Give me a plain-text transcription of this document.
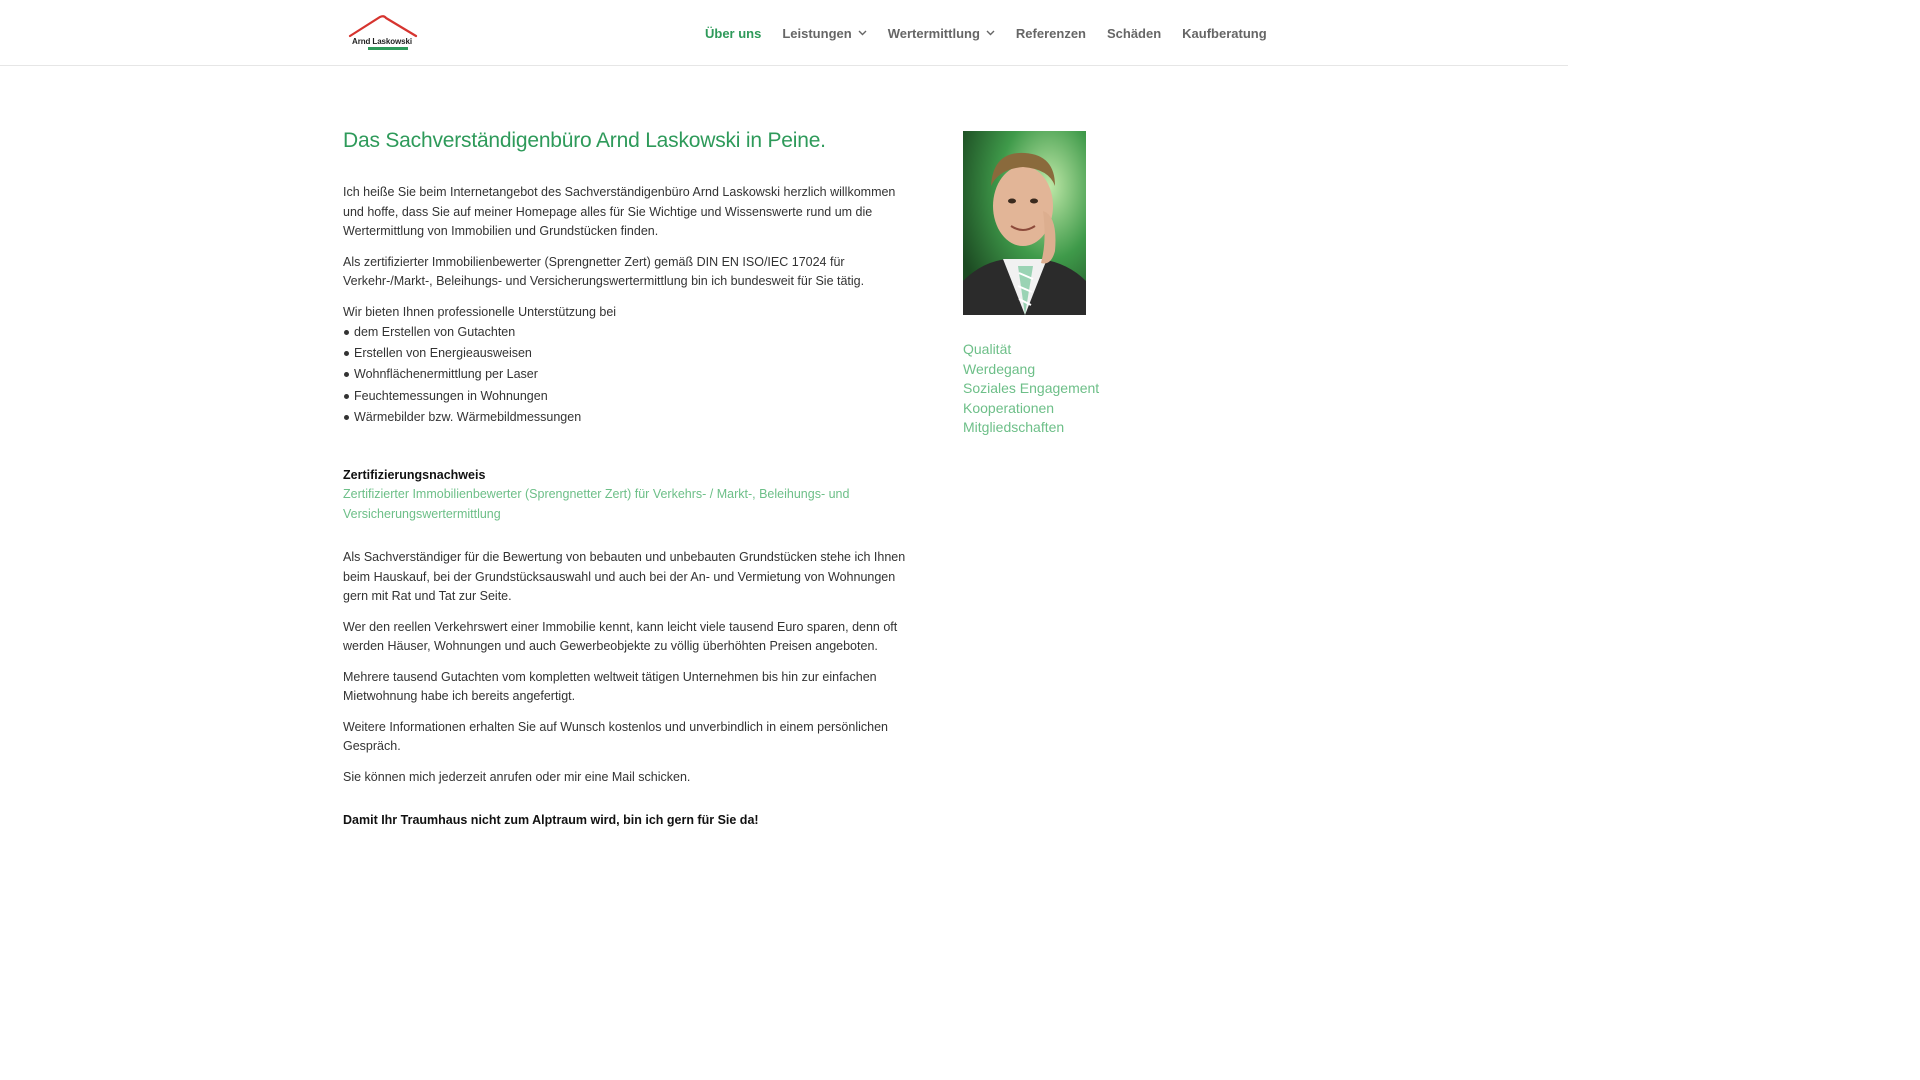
Arnd Laskowski
Über uns Leistungen	Wertermittlung	Referenzen Schäden Kaufberatung
Das Sachverständigenbüro Arnd Laskowski in Peine.

Ich heiße Sie beim Internetangebot des Sachverständigenbüro Arnd Laskowski herzlich willkommen und hoffe, dass Sie auf meiner Homepage alles für Sie Wichtige und Wissenswerte rund um die Wertermittlung von Immobilien und Grundstücken finden.

Als zertifizierter Immobilienbewerter (Sprengnetter Zert) gemäß DIN EN ISO/IEC 17024 für Verkehr-/Markt-, Beleihungs- und Versicherungswertermittlung bin ich bundesweit für Sie tätig.

Wir bieten Ihnen professionelle Unterstützung bei

dem Erstellen von Gutachten
Erstellen von Energieausweisen
Wohnflächenermittlung per Laser
Feuchtemessungen in Wohnungen
Wärmebilder bzw. Wärmebildmessungen
Zertifizierungsnachweis
Zertifizierter Immobilienbewerter (Sprengnetter Zert) für Verkehrs- / Markt-, Beleihungs- und Versicherungswertermittlung

Als Sachverständiger für die Bewertung von bebauten und unbebauten Grundstücken stehe ich Ihnen beim Hauskauf, bei der Grundstücksauswahl und auch bei der An- und Vermietung von Wohnungen gern mit Rat und Tat zur Seite.

Wer den reellen Verkehrswert einer Immobilie kennt, kann leicht viele tausend Euro sparen, denn oft werden Häuser, Wohnungen und auch Gewerbeobjekte zu völlig überhöhten Preisen angeboten.

Mehrere tausend Gutachten vom kompletten weltweit tätigen Unternehmen bis hin zur einfachen Mietwohnung habe ich bereits angefertigt.

Weitere Informationen erhalten Sie auf Wunsch kostenlos und unverbindlich in einem persönlichen Gespräch.

Sie können mich jederzeit anrufen oder mir eine Mail schicken.

Damit Ihr Traumhaus nicht zum Alptraum wird, bin ich gern für Sie da!
Qualität
Werdegang
Soziales Engagement
Kooperationen
Mitgliedschaften
